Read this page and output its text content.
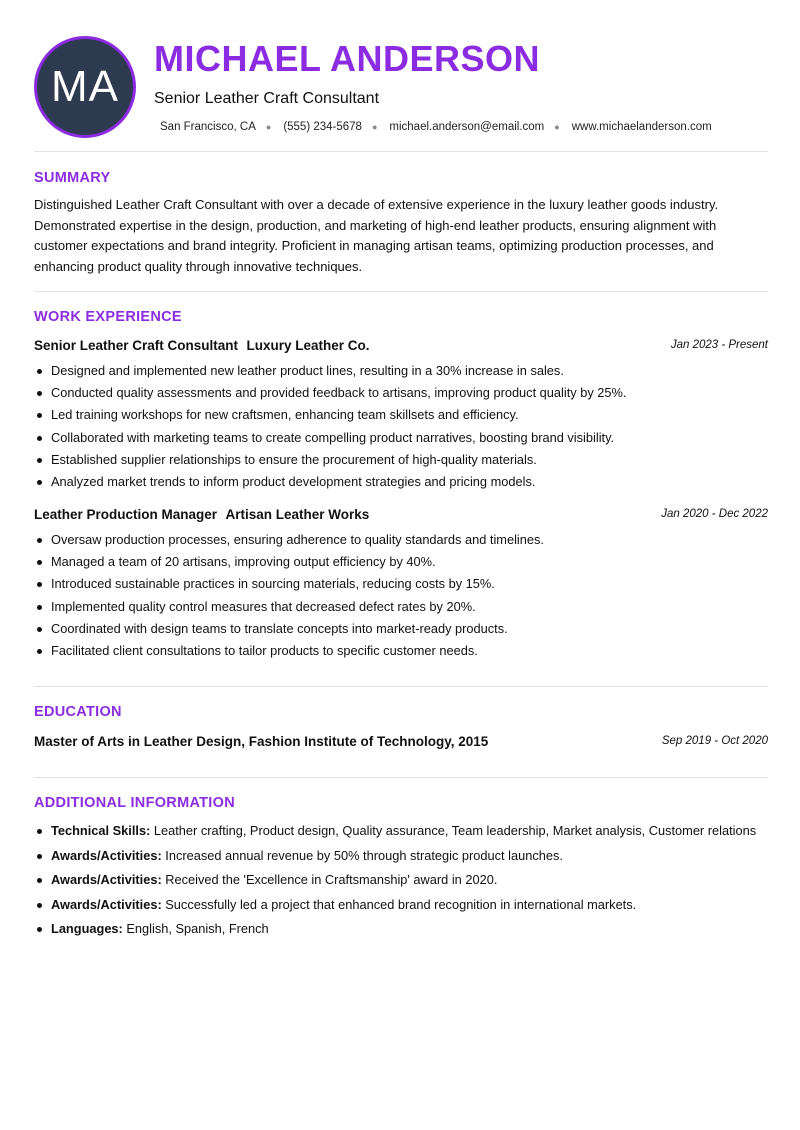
MA
MICHAEL ANDERSON
Senior Leather Craft Consultant
San Francisco, CA ● (555) 234-5678 ● michael.anderson@email.com ● www.michaelanderson.com
SUMMARY
Distinguished Leather Craft Consultant with over a decade of extensive experience in the luxury leather goods industry. Demonstrated expertise in the design, production, and marketing of high-end leather products, ensuring alignment with customer expectations and brand integrity. Proficient in managing artisan teams, optimizing production processes, and enhancing product quality through innovative techniques.
WORK EXPERIENCE
Senior Leather Craft Consultant Luxury Leather Co.	Jan 2023 - Present
Designed and implemented new leather product lines, resulting in a 30% increase in sales.
Conducted quality assessments and provided feedback to artisans, improving product quality by 25%.
Led training workshops for new craftsmen, enhancing team skillsets and efficiency.
Collaborated with marketing teams to create compelling product narratives, boosting brand visibility.
Established supplier relationships to ensure the procurement of high-quality materials.
Analyzed market trends to inform product development strategies and pricing models.
Leather Production Manager Artisan Leather Works	Jan 2020 - Dec 2022
Oversaw production processes, ensuring adherence to quality standards and timelines.
Managed a team of 20 artisans, improving output efficiency by 40%.
Introduced sustainable practices in sourcing materials, reducing costs by 15%.
Implemented quality control measures that decreased defect rates by 20%.
Coordinated with design teams to translate concepts into market-ready products.
Facilitated client consultations to tailor products to specific customer needs.
EDUCATION
Master of Arts in Leather Design, Fashion Institute of Technology, 2015	Sep 2019 - Oct 2020
ADDITIONAL INFORMATION
Technical Skills: Leather crafting, Product design, Quality assurance, Team leadership, Market analysis, Customer relations
Awards/Activities: Increased annual revenue by 50% through strategic product launches.
Awards/Activities: Received the 'Excellence in Craftsmanship' award in 2020.
Awards/Activities: Successfully led a project that enhanced brand recognition in international markets.
Languages: English, Spanish, French
